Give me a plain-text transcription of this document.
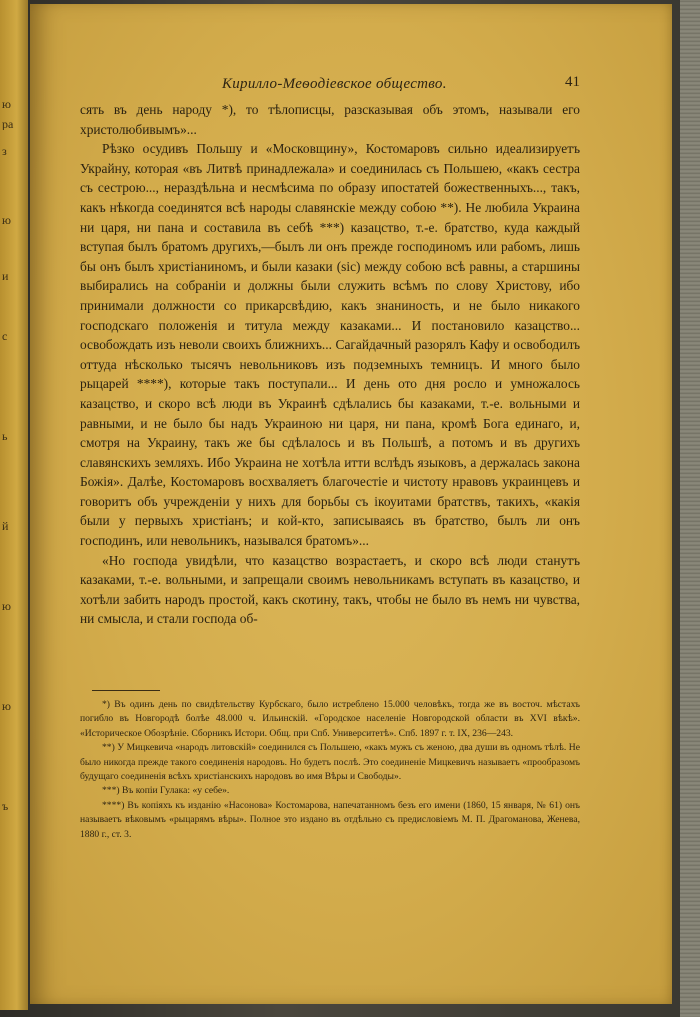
ю
ра
з
ю
и
с
ь
й
ю
ю
ъ
Кирилло-Меѳодіевское общество.	41

сять въ день народу *), то тѣлописцы, разсказывая объ этомъ, называли его христолюбивымъ»...

Рѣзко осудивъ Польшу и «Московщину», Костомаровъ сильно идеализируетъ Украйну, которая «въ Литвѣ принадлежала» и соединилась съ Польшею, «какъ сестра съ сестрою..., нераздѣльна и несмѣсима по образу ипостатей божественныхъ..., такъ, какъ нѣкогда соединятся всѣ народы славянскіе между собою **). Не любила Украина ни царя, ни пана и составила въ себѣ ***) казацство, т.-е. братство, куда каждый вступая былъ братомъ другихъ,—былъ ли онъ прежде господиномъ или рабомъ, лишь бы онъ былъ христіаниномъ, и были казаки (sic) между собою всѣ равны, а старшины выбирались на собраніи и должны были служить всѣмъ по слову Христову, ибо принимали должности со прикарсвѣдию, какъ знаниность, и не было никакого господскаго положенія и титула между казаками... И постановило казацство... освобождать изъ неволи своихъ ближнихъ... Сагайдачный разорялъ Кафу и освободилъ оттуда нѣсколько тысячъ невольниковъ изъ подземныхъ темницъ. И много было рыцарей ****), которые такъ поступали... И день ото дня росло и умножалось казацство, и скоро всѣ люди въ Украинѣ сдѣлались бы казаками, т.-е. вольными и равными, и не было бы надъ Украиною ни царя, ни пана, кромѣ Бога единаго, и, смотря на Украину, такъ же бы сдѣлалось и въ Польшѣ, а потомъ и въ другихъ славянскихъ земляхъ. Ибо Украина не хотѣла итти вслѣдъ языковъ, а держалась закона Божія». Далѣе, Костомаровъ восхваляетъ благочестіе и чистоту нравовъ украинцевъ и говоритъ объ учрежденіи у нихъ для борьбы съ ікоуитами братствъ, такихъ, «какія были у первыхъ христіанъ; и кой-кто, записываясь въ братство, былъ ли онъ господинъ, или невольникъ, назывался братомъ»...

«Но господа увидѣли, что казацство возрастаетъ, и скоро всѣ люди станутъ казаками, т.-е. вольными, и запрещали своимъ невольникамъ вступать въ казацство, и хотѣли забить народъ простой, какъ скотину, такъ, чтобы не было въ немъ ни чувства, ни смысла, и стали господа об-

*) Въ одинъ день по свидѣтельству Курбскаго, было истреблено 15.000 человѣкъ, тогда же въ восточ. мѣстахъ погибло въ Новгородѣ болѣе 48.000 ч. Ильинскій. «Городское населеніе Новгородской области въ XVI вѣкѣ». «Историческое Обозрѣніе. Сборникъ Истори. Общ. при Спб. Университетѣ». Спб. 1897 г. т. IX, 236—243.

**) У Мицкевича «народъ литовскій» соединился съ Польшею, «какъ мужъ съ женою, два души въ одномъ тѣлѣ. Не было никогда прежде такого соединенія народовъ. Но будетъ послѣ. Это соединеніе Мицкевичъ называетъ «прообразомъ будущаго соединенія всѣхъ христіанскихъ народовъ во имя Вѣры и Свободы».

***) Въ копіи Гулака: «у себе».

****) Въ копіяхъ къ изданію «Насонова» Костомарова, напечатанномъ безъ его имени (1860, 15 января, № 61) онъ называетъ вѣковымъ «рыцарямъ вѣры». Полное это издано въ отдѣльно съ предисловіемъ М. П. Драгоманова, Женева, 1880 г., ст. 3.
